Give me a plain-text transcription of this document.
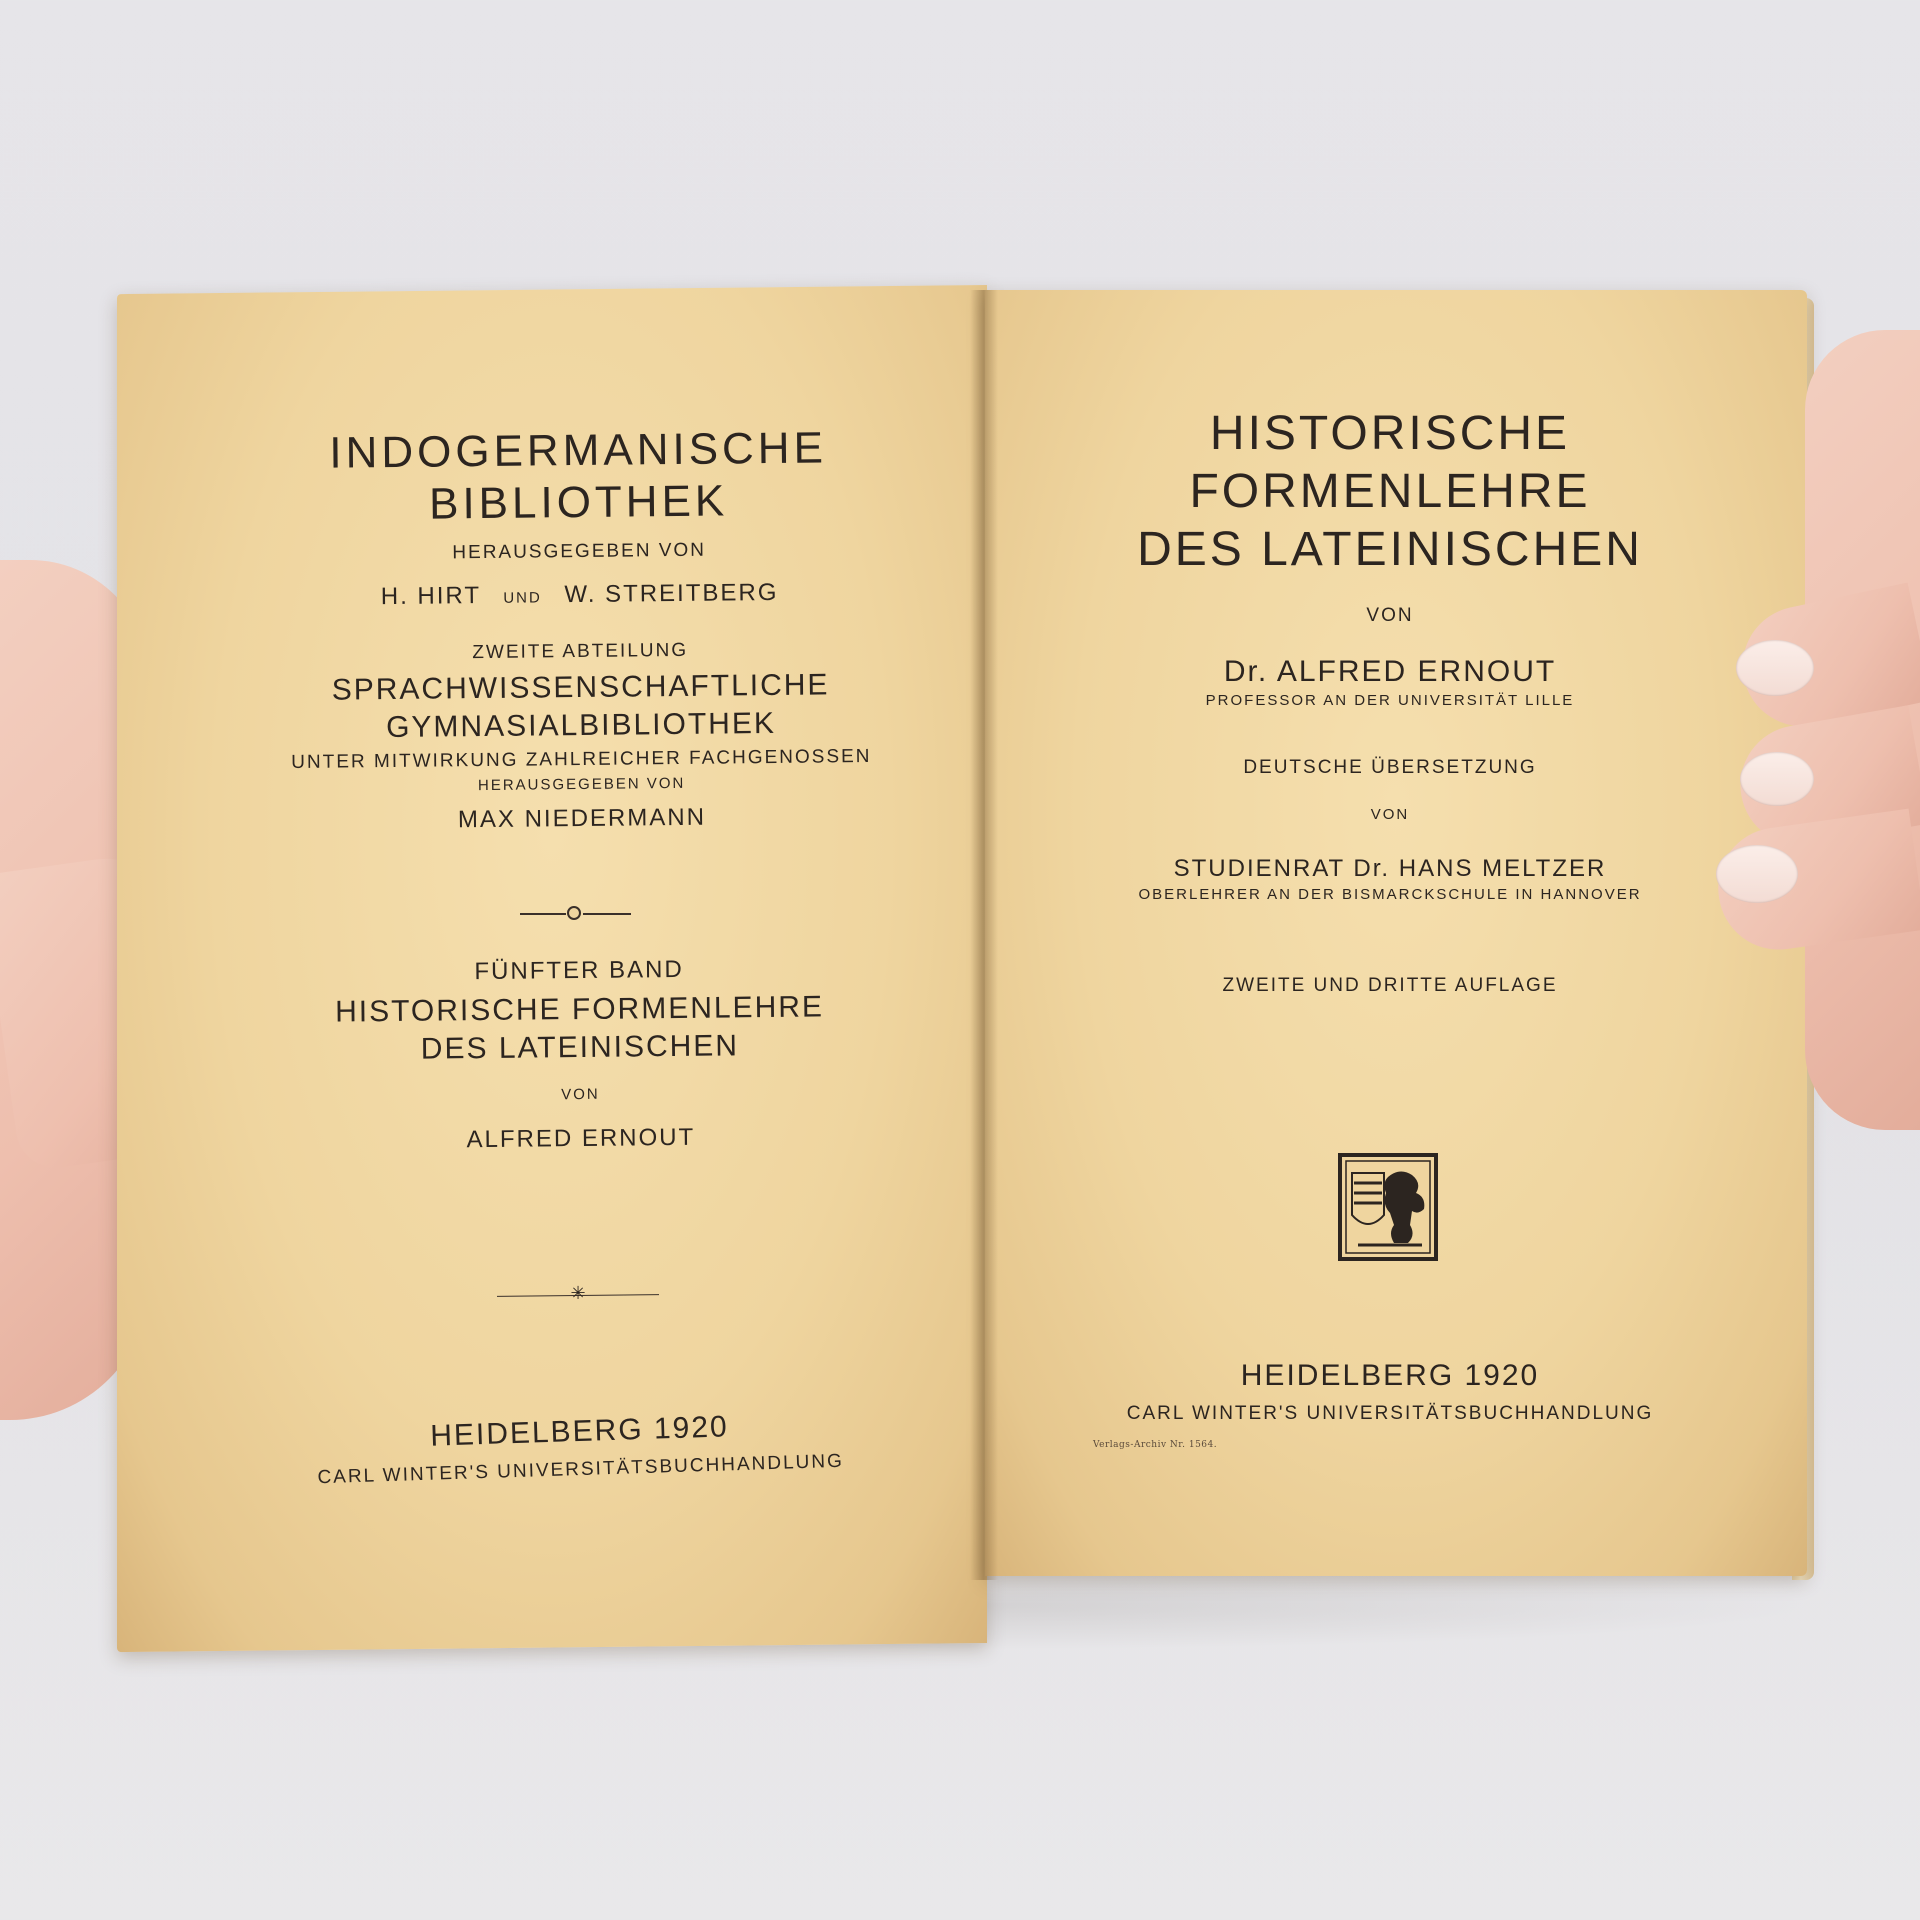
INDOGERMANISCHE
BIBLIOTHEK
HERAUSGEGEBEN VON
H. HIRT UND W. STREITBERG
ZWEITE ABTEILUNG
SPRACHWISSENSCHAFTLICHE
GYMNASIALBIBLIOTHEK
UNTER MITWIRKUNG ZAHLREICHER FACHGENOSSEN
HERAUSGEGEBEN VON
MAX NIEDERMANN
FÜNFTER BAND
HISTORISCHE FORMENLEHRE
DES LATEINISCHEN
VON
ALFRED ERNOUT
✳
HEIDELBERG 1920
CARL WINTER'S UNIVERSITÄTSBUCHHANDLUNG
HISTORISCHE
FORMENLEHRE
DES LATEINISCHEN
VON
Dr. ALFRED ERNOUT
PROFESSOR AN DER UNIVERSITÄT LILLE
DEUTSCHE ÜBERSETZUNG
VON
STUDIENRAT Dr. HANS MELTZER
OBERLEHRER AN DER BISMARCKSCHULE IN HANNOVER
ZWEITE UND DRITTE AUFLAGE
HEIDELBERG 1920
CARL WINTER'S UNIVERSITÄTSBUCHHANDLUNG
Verlags-Archiv Nr. 1564.
